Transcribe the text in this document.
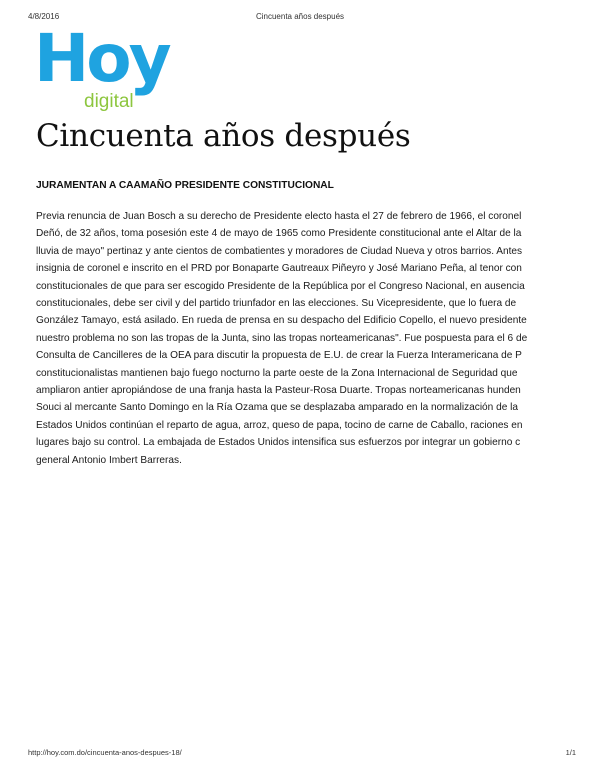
4/8/2016	Cincuenta años después
Hoy
digital
Cincuenta años después
JURAMENTAN A CAAMAÑO PRESIDENTE CONSTITUCIONAL
Previa renuncia de Juan Bosch a su derecho de Presidente electo hasta el 27 de febrero de 1966, el coronel
Deñó, de 32 años, toma posesión este 4 de mayo de 1965 como Presidente constitucional ante el Altar de la
lluvia de mayo" pertinaz y ante cientos de combatientes y moradores de Ciudad Nueva y otros barrios. Antes
insignia de coronel e inscrito en el PRD por Bonaparte Gautreaux Piñeyro y José Mariano Peña, al tenor con
constitucionales de que para ser escogido Presidente de la República por el Congreso Nacional, en ausencia
constitucionales, debe ser civil y del partido triunfador en las elecciones. Su Vicepresidente, que lo fuera de
González Tamayo, está asilado. En rueda de prensa en su despacho del Edificio Copello, el nuevo presidente
nuestro problema no son las tropas de la Junta, sino las tropas norteamericanas". Fue pospuesta para el 6 de
Consulta de Cancilleres de la OEA para discutir la propuesta de E.U. de crear la Fuerza Interamericana de P
constitucionalistas mantienen bajo fuego nocturno la parte oeste de la Zona Internacional de Seguridad que
ampliaron antier apropiándose de una franja hasta la Pasteur-Rosa Duarte. Tropas norteamericanas hunden
Souci al mercante Santo Domingo en la Ría Ozama que se desplazaba amparado en la normalización de la
Estados Unidos continúan el reparto de agua, arroz, queso de papa, tocino de carne de Caballo, raciones en
lugares bajo su control. La embajada de Estados Unidos intensifica sus esfuerzos por integrar un gobierno c
general Antonio Imbert Barreras.
http://hoy.com.do/cincuenta-anos-despues-18/	1/1
